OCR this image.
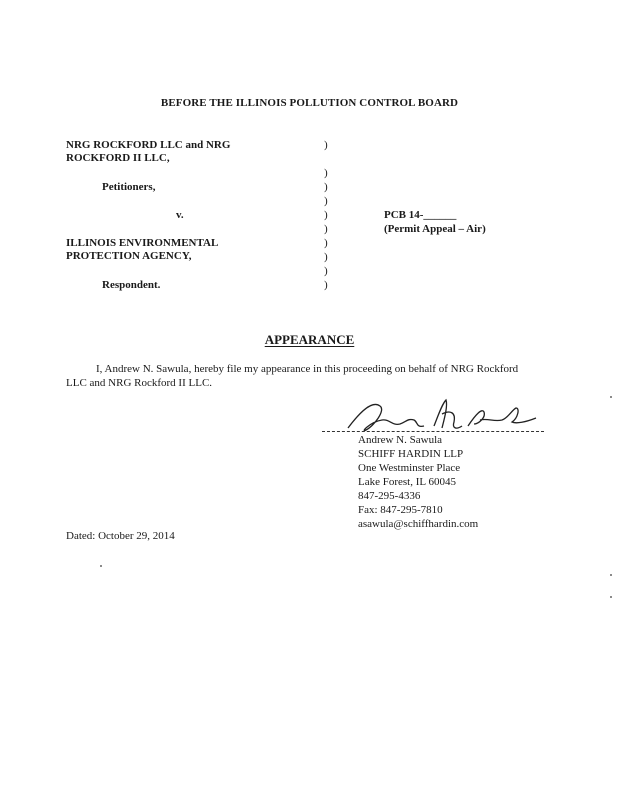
BEFORE THE ILLINOIS POLLUTION CONTROL BOARD
NRG ROCKFORD LLC and NRG
ROCKFORD II LLC,
Petitioners,
v.
ILLINOIS ENVIRONMENTAL
PROTECTION AGENCY,
Respondent.
)
)
)
)
)
)
)
)
)
)
PCB 14-______
(Permit Appeal – Air)
APPEARANCE
I, Andrew N. Sawula, hereby file my appearance in this proceeding on behalf of NRG Rockford LLC and NRG Rockford II LLC.
Andrew N. Sawula
SCHIFF HARDIN LLP
One Westminster Place
Lake Forest, IL 60045
847-295-4336
Fax: 847-295-7810
asawula@schiffhardin.com
Dated: October 29, 2014
